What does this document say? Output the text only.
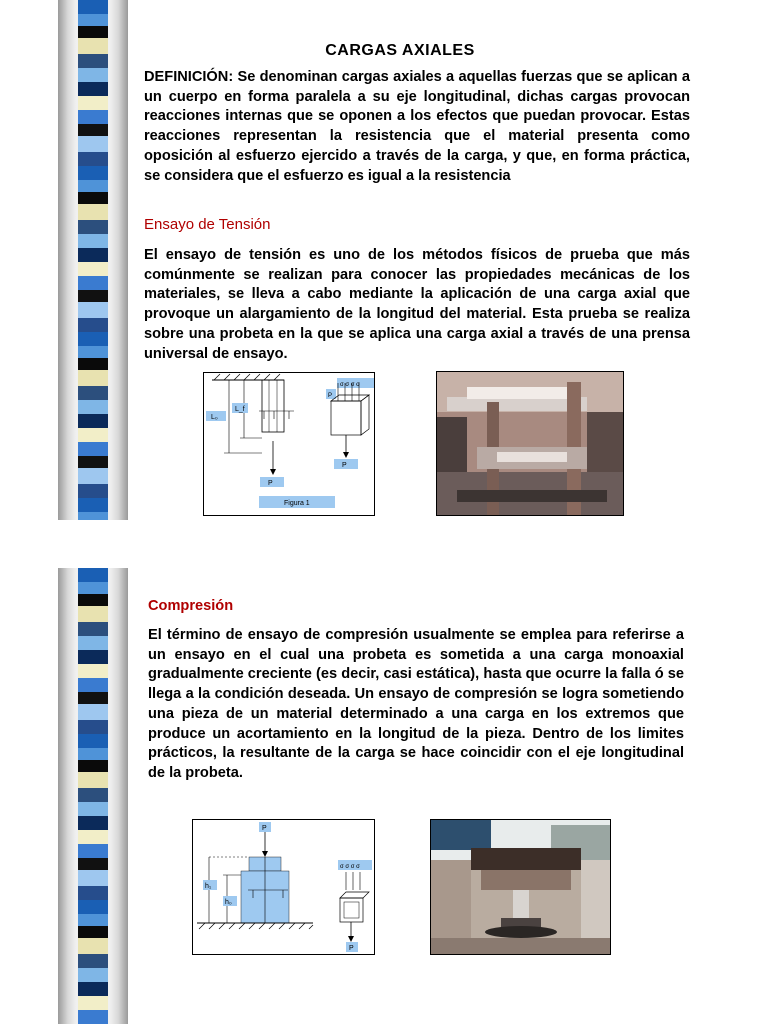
CARGAS AXIALES

DEFINICIÓN: Se denominan cargas axiales a aquellas fuerzas que se aplican a un cuerpo en forma paralela a su eje longitudinal, dichas cargas provocan reacciones internas que se oponen a los efectos que puedan provocar. Estas reacciones representan la resistencia que el material presenta como oposición al esfuerzo ejercido a través de la carga, y que, en forma práctica, se considera que el esfuerzo es igual a la resistencia

Ensayo de Tensión

El ensayo de tensión es uno de los métodos físicos de prueba que más comúnmente se realizan para conocer las propiedades mecánicas de los materiales, se lleva a cabo mediante la aplicación de una carga axial que provoque un alargamiento de la longitud del material. Esta prueba se realiza sobre una probeta en la que se aplica una carga axial a través de una prensa universal de ensayo.

L₀
L_f
P
σ σ σ σ
P
P
Figura 1

Compresión

El término de ensayo de compresión usualmente se emplea para referirse a un ensayo en el cual una probeta es sometida a una carga monoaxial gradualmente creciente (es decir, casi estática), hasta que ocurre la falla ó se llega a la condición deseada. Un ensayo de compresión se logra sometiendo una pieza de un material determinado a una carga en los extremos que produce un acortamiento en la longitud de la pieza. Dentro de los limites prácticos, la resultante de la carga se hace coincidir con el eje longitudinal de la probeta.

P
h₁
h₀
σ σ σ σ
P
